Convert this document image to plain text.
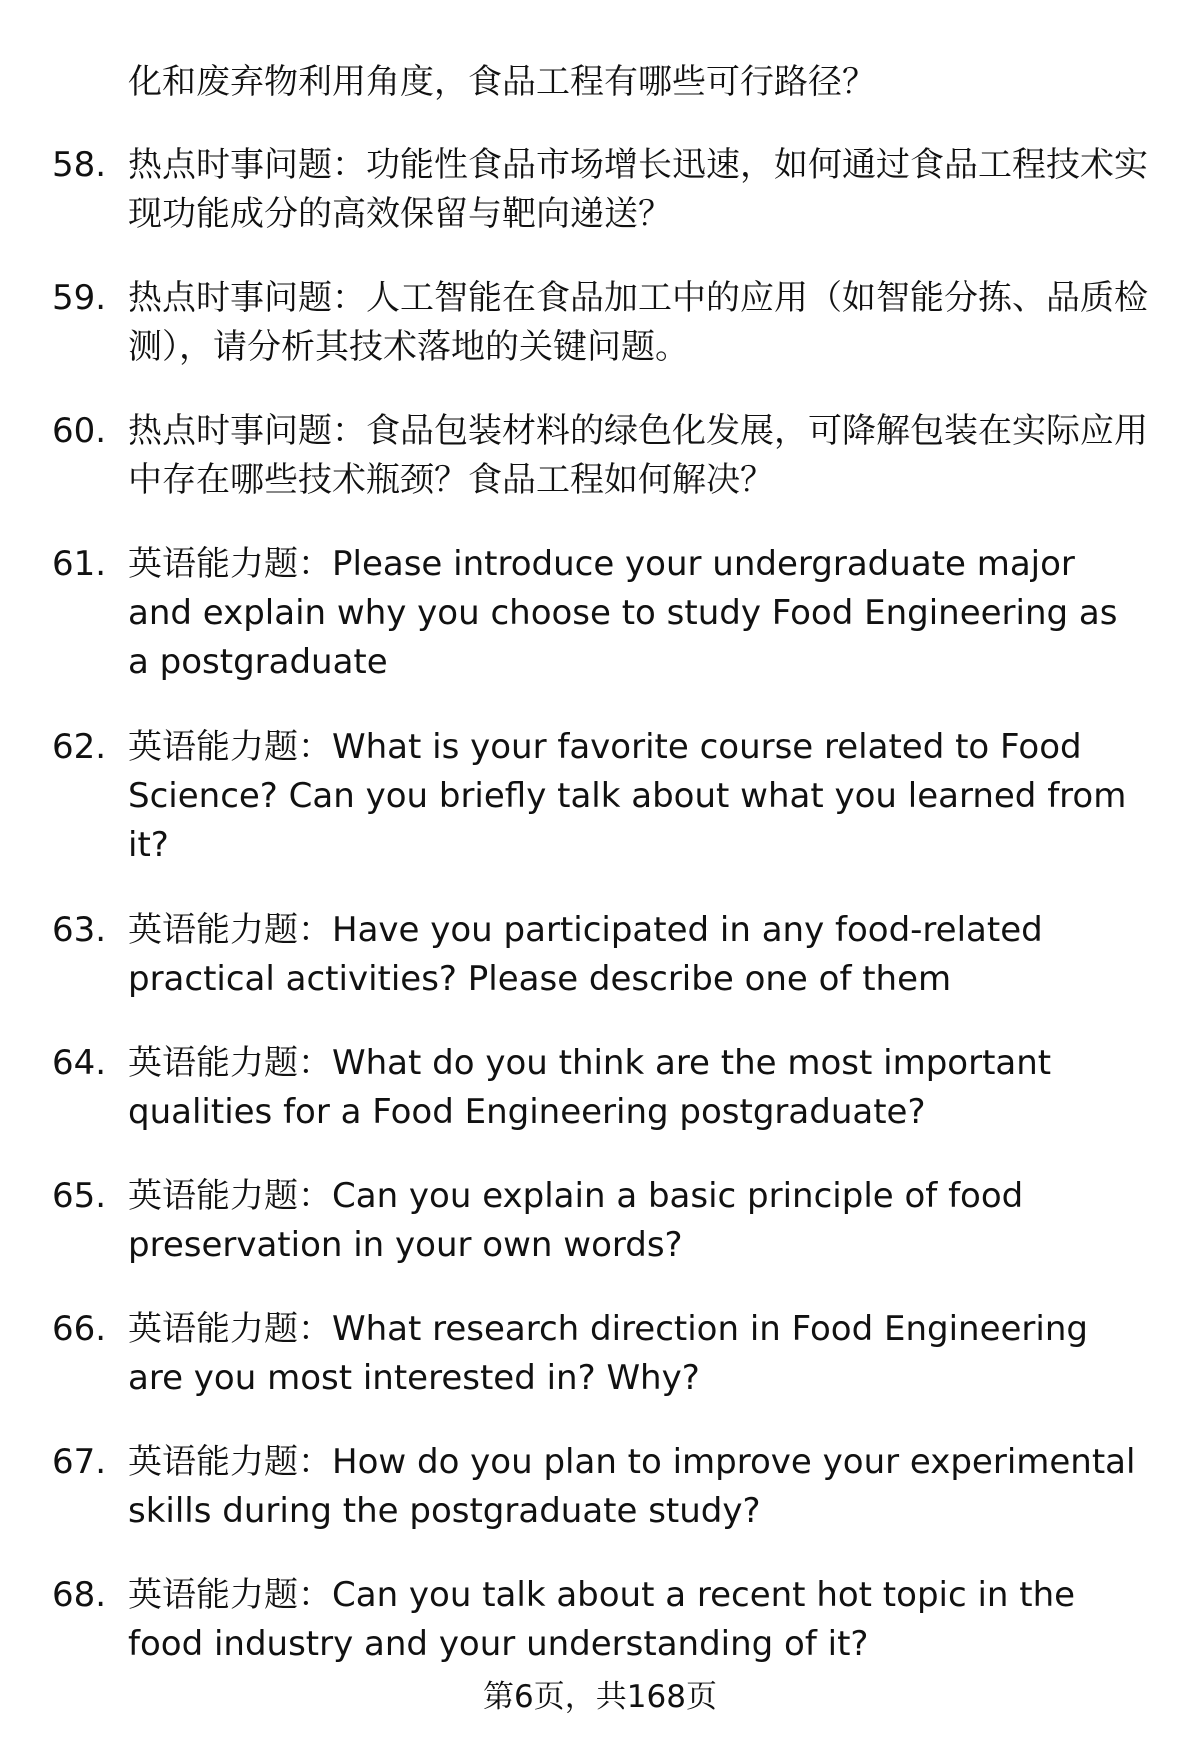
化和废弃物利用角度，食品工程有哪些可行路径？
58. 热点时事问题：功能性食品市场增长迅速，如何通过食品工程技术实现功能成分的高效保留与靶向递送？
59. 热点时事问题：人工智能在食品加工中的应用（如智能分拣、品质检测），请分析其技术落地的关键问题。
60. 热点时事问题：食品包装材料的绿色化发展，可降解包装在实际应用中存在哪些技术瓶颈？食品工程如何解决？
61. 英语能力题：Please introduce your undergraduate major and explain why you choose to study Food Engineering as a postgraduate
62. 英语能力题：What is your favorite course related to Food Science? Can you briefly talk about what you learned from it?
63. 英语能力题：Have you participated in any food-related practical activities? Please describe one of them
64. 英语能力题：What do you think are the most important qualities for a Food Engineering postgraduate?
65. 英语能力题：Can you explain a basic principle of food preservation in your own words?
66. 英语能力题：What research direction in Food Engineering are you most interested in? Why?
67. 英语能力题：How do you plan to improve your experimental skills during the postgraduate study?
68. 英语能力题：Can you talk about a recent hot topic in the food industry and your understanding of it?
第6页，共168页
